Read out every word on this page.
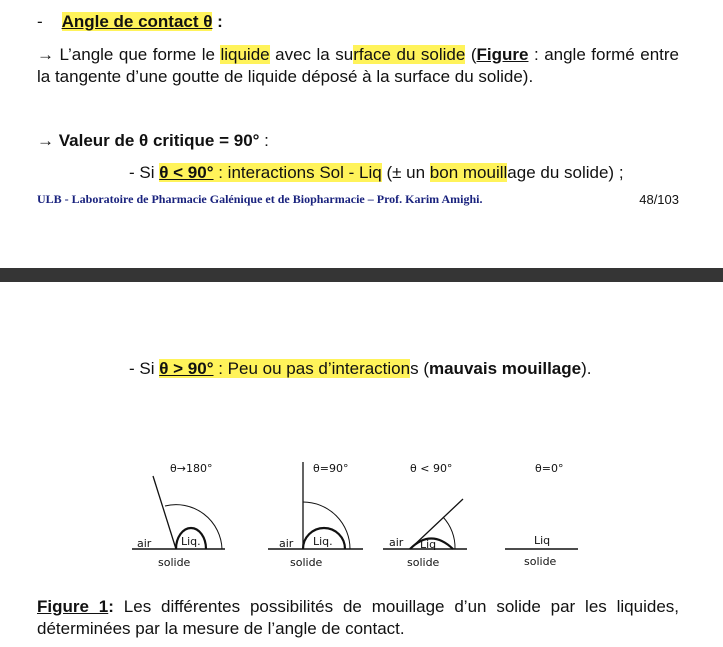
- Angle de contact θ :
→ L’angle que forme le liquide avec la surface du solide (Figure : angle formé entre la tangente d’une goutte de liquide déposé à la surface du solide).
→ Valeur de θ critique = 90° :
- Si θ < 90° : interactions Sol - Liq (± un bon mouillage du solide) ;
ULB - Laboratoire de Pharmacie Galénique et de Biopharmacie – Prof. Karim Amighi.	48/103
- Si θ > 90° : Peu ou pas d’interactions (mauvais mouillage).
θ→180°
air	Liq.
solide
θ=90°
air Liq.
solide
θ < 90°
air Liq
solide
θ=0°
Liq
solide
Figure 1: Les différentes possibilités de mouillage d’un solide par les liquides, déterminées par la mesure de l’angle de contact.
